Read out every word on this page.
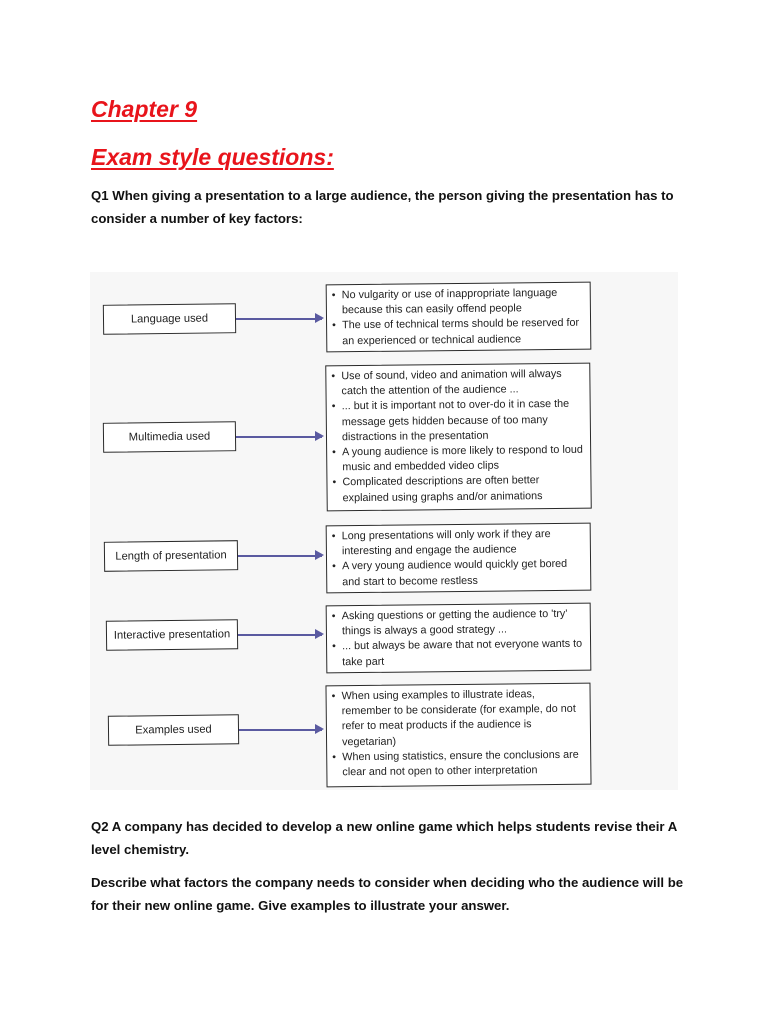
Chapter 9
Exam style questions:

Q1 When giving a presentation to a large audience, the person giving the presentation has to consider a number of key factors:

Language used
• No vulgarity or use of inappropriate language because this can easily offend people
• The use of technical terms should be reserved for an experienced or technical audience
Multimedia used
• Use of sound, video and animation will always catch the attention of the audience ...
• ... but it is important not to over-do it in case the message gets hidden because of too many distractions in the presentation
• A young audience is more likely to respond to loud music and embedded video clips
• Complicated descriptions are often better explained using graphs and/or animations
Length of presentation
• Long presentations will only work if they are interesting and engage the audience
• A very young audience would quickly get bored and start to become restless
Interactive presentation
• Asking questions or getting the audience to 'try' things is always a good strategy ...
• ... but always be aware that not everyone wants to take part
Examples used
• When using examples to illustrate ideas, remember to be considerate (for example, do not refer to meat products if the audience is vegetarian)
• When using statistics, ensure the conclusions are clear and not open to other interpretation

Q2 A company has decided to develop a new online game which helps students revise their A level chemistry.

Describe what factors the company needs to consider when deciding who the audience will be for their new online game. Give examples to illustrate your answer.
